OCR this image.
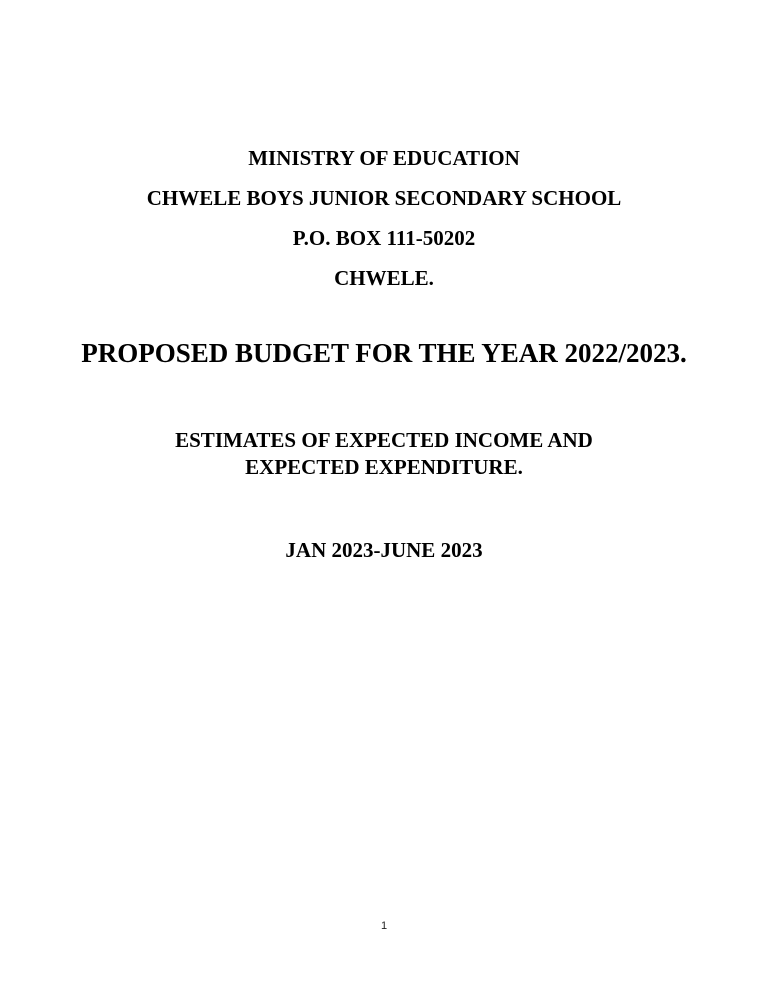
MINISTRY OF EDUCATION
CHWELE BOYS JUNIOR SECONDARY SCHOOL
P.O. BOX 111-50202
CHWELE.
PROPOSED BUDGET FOR THE YEAR 2022/2023.
ESTIMATES OF EXPECTED INCOME AND
EXPECTED EXPENDITURE.
JAN 2023-JUNE 2023
1
